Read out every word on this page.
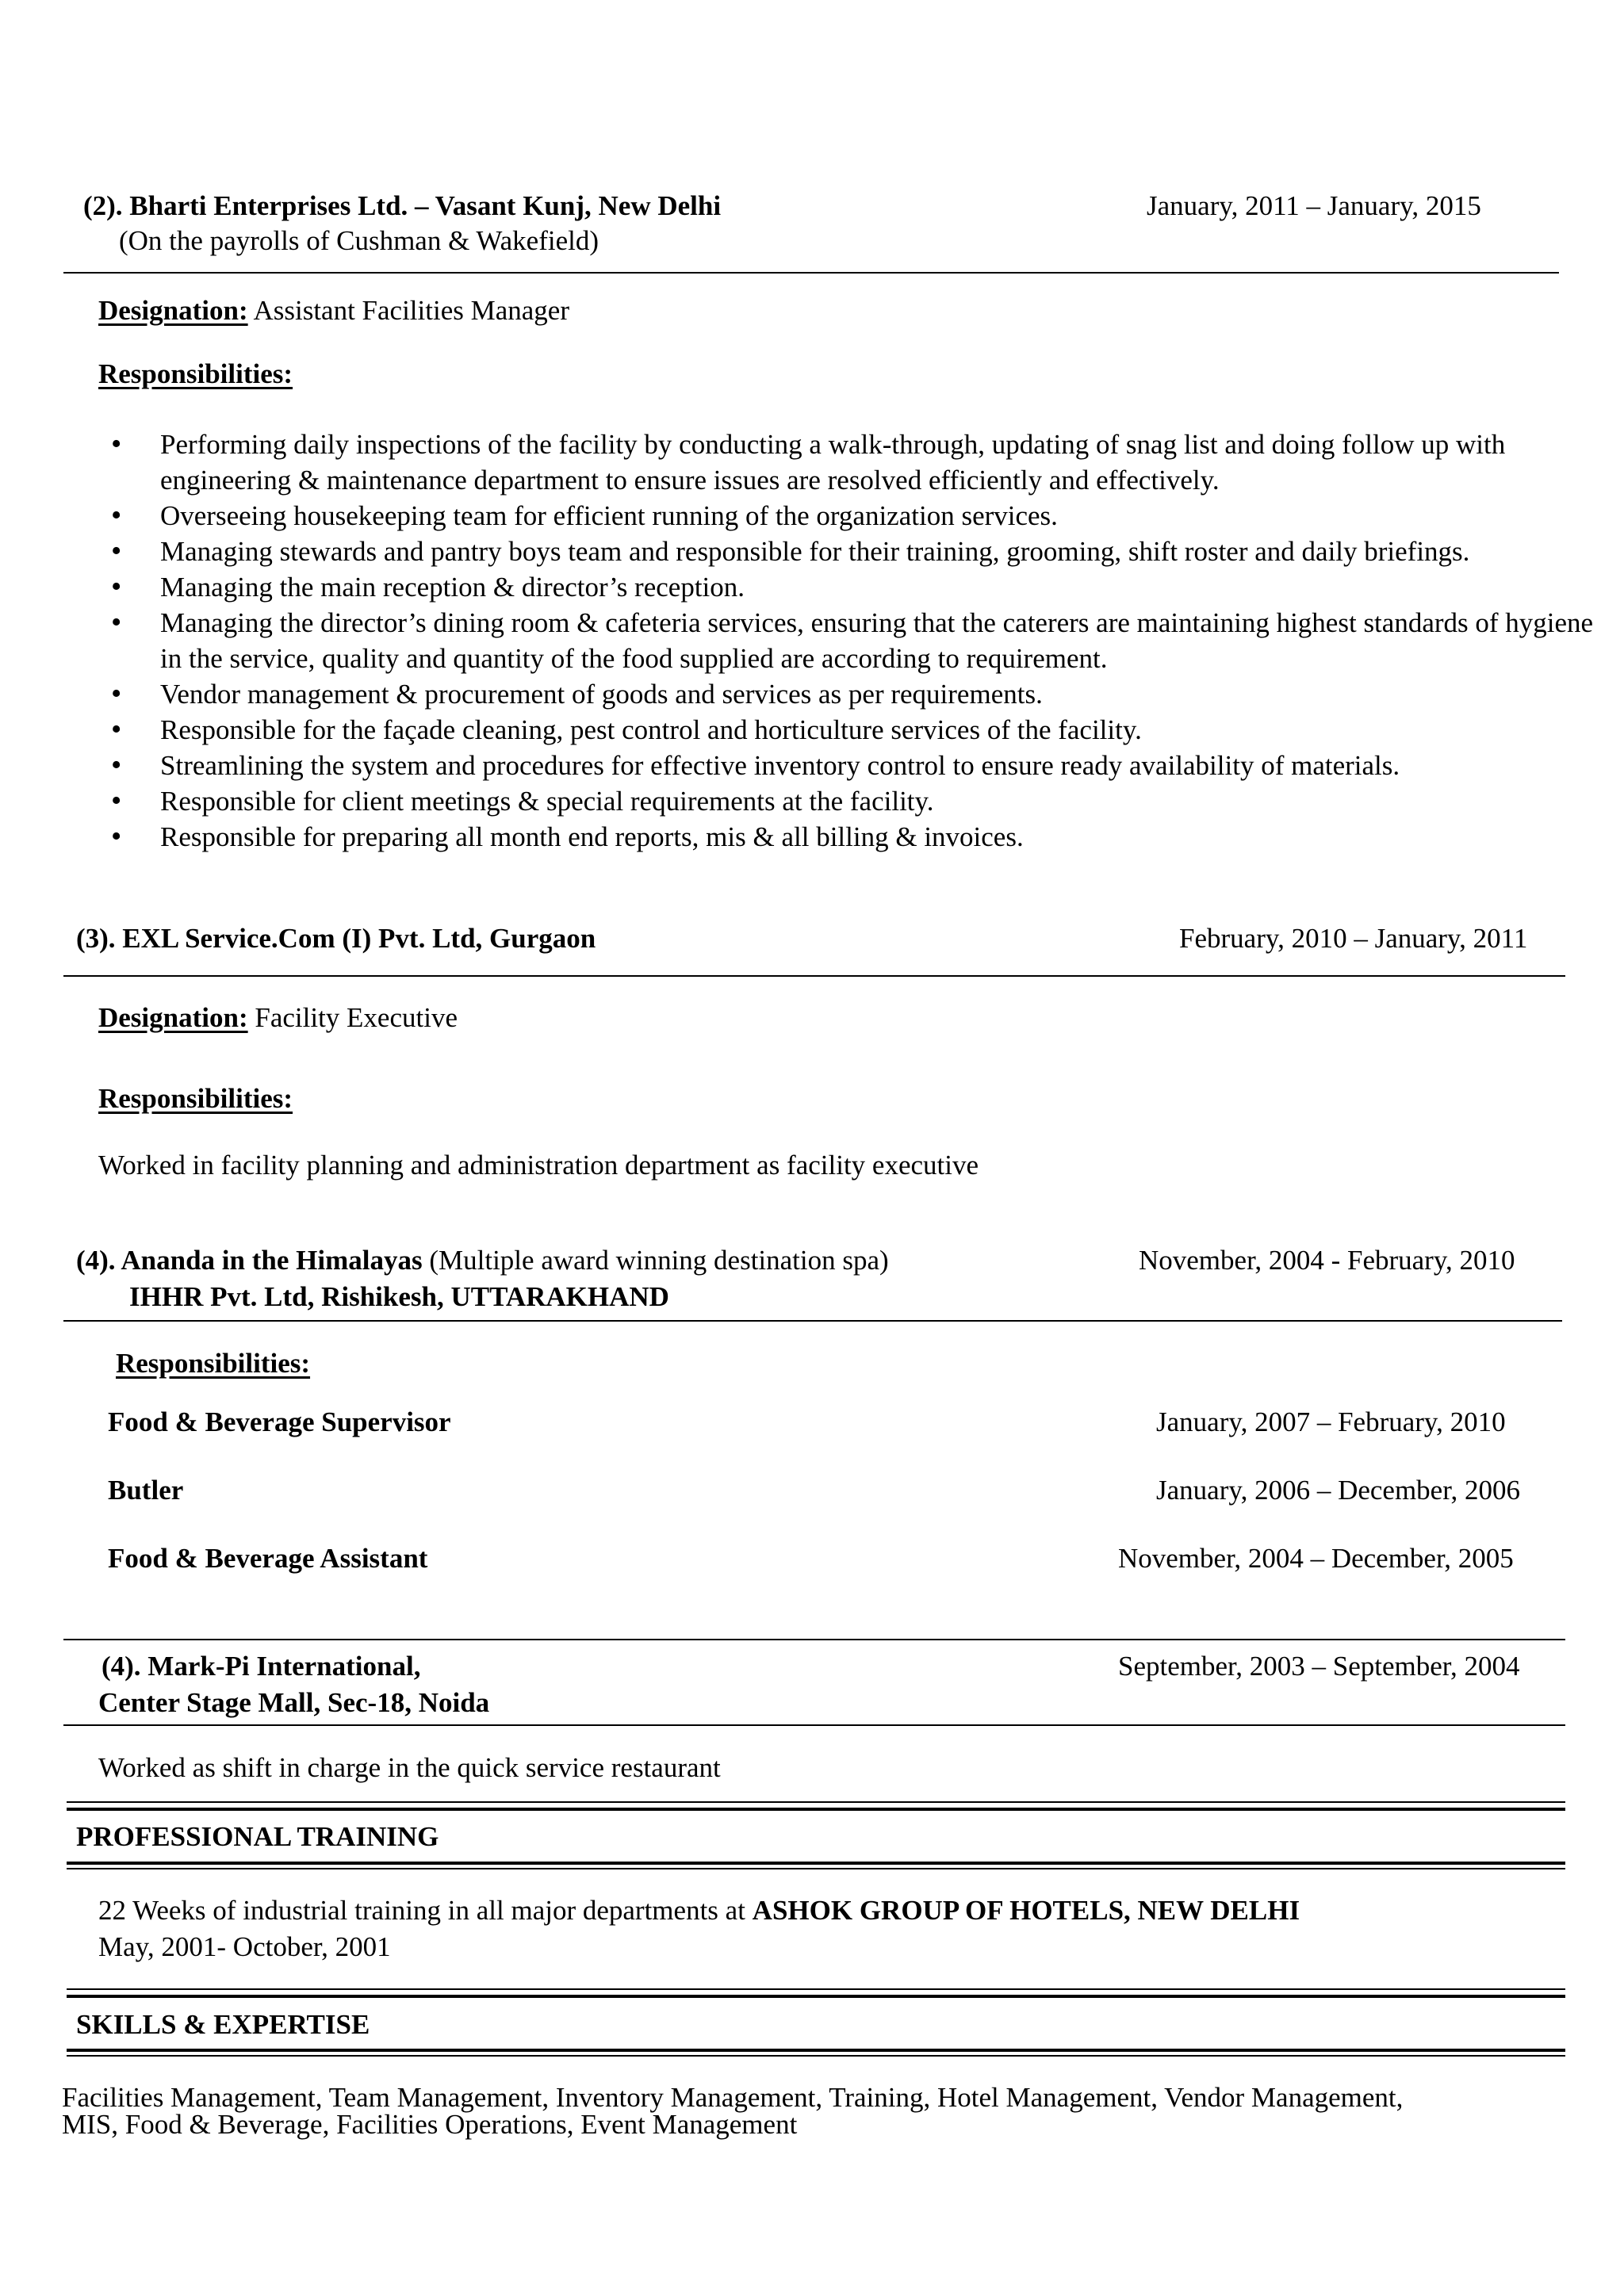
(2). Bharti Enterprises Ltd. – Vasant Kunj, New Delhi	January, 2011 – January, 2015
(On the payrolls of Cushman & Wakefield)
Designation: Assistant Facilities Manager
Responsibilities:
• Performing daily inspections of the facility by conducting a walk-through, updating of snag list and doing follow up with engineering & maintenance department to ensure issues are resolved efficiently and effectively.
• Overseeing housekeeping team for efficient running of the organization services.
• Managing stewards and pantry boys team and responsible for their training, grooming, shift roster and daily briefings.
• Managing the main reception & director’s reception.
• Managing the director’s dining room & cafeteria services, ensuring that the caterers are maintaining highest standards of hygiene in the service, quality and quantity of the food supplied are according to requirement.
• Vendor management & procurement of goods and services as per requirements.
• Responsible for the façade cleaning, pest control and horticulture services of the facility.
• Streamlining the system and procedures for effective inventory control to ensure ready availability of materials.
• Responsible for client meetings & special requirements at the facility.
• Responsible for preparing all month end reports, mis & all billing & invoices.
(3). EXL Service.Com (I) Pvt. Ltd, Gurgaon	February, 2010 – January, 2011
Designation: Facility Executive
Responsibilities:
Worked in facility planning and administration department as facility executive
(4). Ananda in the Himalayas (Multiple award winning destination spa)	November, 2004 - February, 2010
IHHR Pvt. Ltd, Rishikesh, UTTARAKHAND
Responsibilities:
Food & Beverage Supervisor	January, 2007 – February, 2010
Butler	January, 2006 – December, 2006
Food & Beverage Assistant	November, 2004 – December, 2005
(4). Mark-Pi International,	September, 2003 – September, 2004
Center Stage Mall, Sec-18, Noida
Worked as shift in charge in the quick service restaurant
PROFESSIONAL TRAINING
22 Weeks of industrial training in all major departments at ASHOK GROUP OF HOTELS, NEW DELHI
May, 2001- October, 2001
SKILLS & EXPERTISE
Facilities Management, Team Management, Inventory Management, Training, Hotel Management, Vendor Management,
MIS, Food & Beverage, Facilities Operations, Event Management
